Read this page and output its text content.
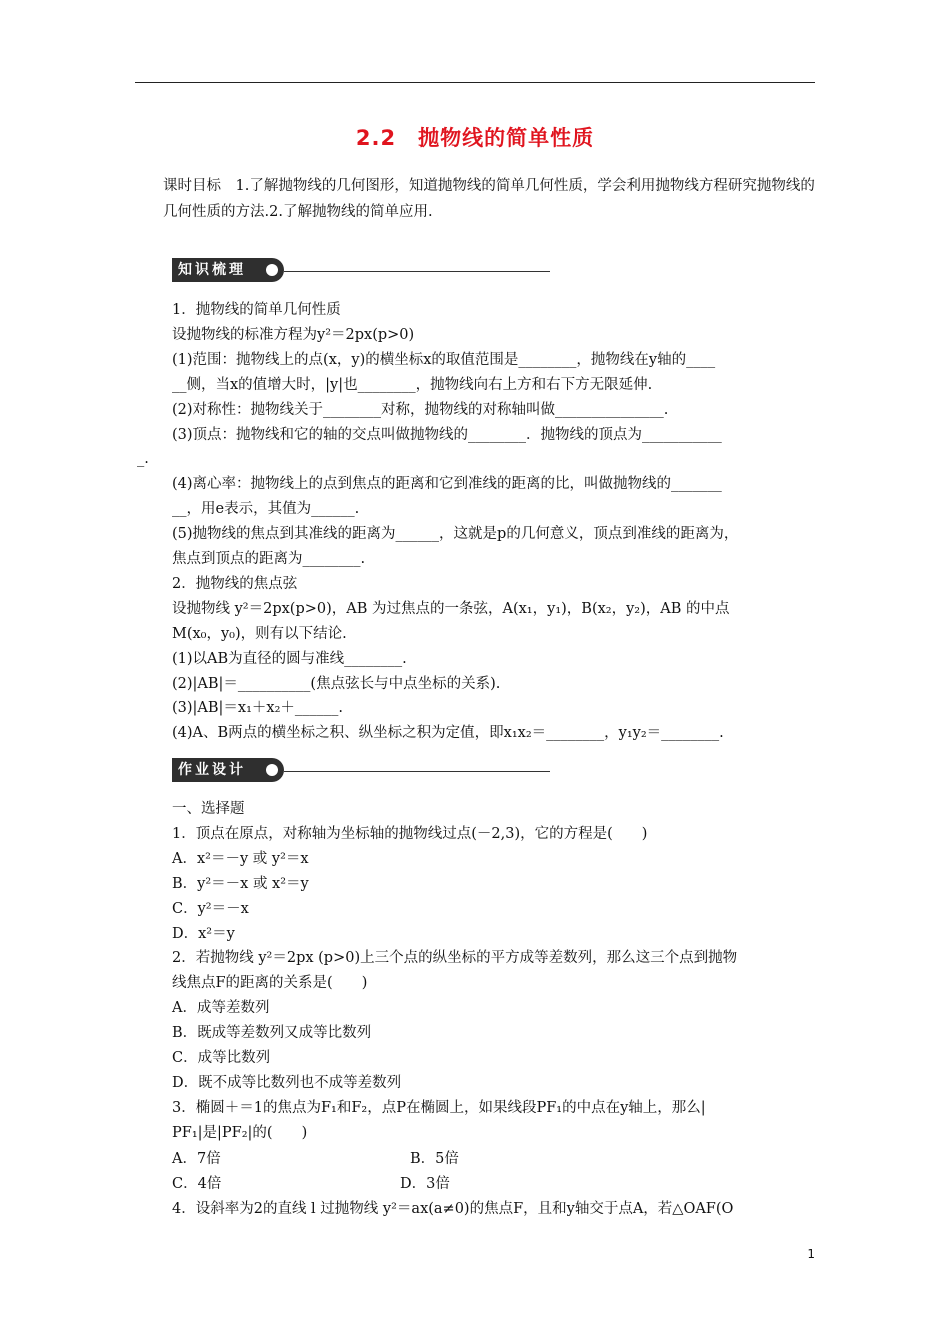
2.2　抛物线的简单性质
课时目标　1.了解抛物线的几何图形，知道抛物线的简单几何性质，学会利用抛物线方程研究抛物线的几何性质的方法.2.了解抛物线的简单应用.
知识梳理
1．抛物线的简单几何性质
设抛物线的标准方程为y²＝2px(p>0)
(1)范围：抛物线上的点(x，y)的横坐标x的取值范围是________，抛物线在y轴的____
__侧，当x的值增大时，|y|也________，抛物线向右上方和右下方无限延伸.
(2)对称性：抛物线关于________对称，抛物线的对称轴叫做_______________.
(3)顶点：抛物线和它的轴的交点叫做抛物线的________．抛物线的顶点为___________
_.
(4)离心率：抛物线上的点到焦点的距离和它到准线的距离的比，叫做抛物线的_______
__，用e表示，其值为______.
(5)抛物线的焦点到其准线的距离为______，这就是p的几何意义，顶点到准线的距离为，
焦点到顶点的距离为________.
2．抛物线的焦点弦
设抛物线 y²＝2px(p>0)，AB 为过焦点的一条弦，A(x₁，y₁)，B(x₂，y₂)，AB 的中点
M(x₀，y₀)，则有以下结论.
(1)以AB为直径的圆与准线________.
(2)|AB|＝__________(焦点弦长与中点坐标的关系).
(3)|AB|＝x₁＋x₂＋______.
(4)A、B两点的横坐标之积、纵坐标之积为定值，即x₁x₂＝________，y₁y₂＝________.
作业设计
一、选择题
1．顶点在原点，对称轴为坐标轴的抛物线过点(－2,3)，它的方程是(　　)
A．x²＝－y 或 y²＝x
B．y²＝－x 或 x²＝y
C．y²＝－x
D．x²＝y
2．若抛物线 y²＝2px (p>0)上三个点的纵坐标的平方成等差数列，那么这三个点到抛物
线焦点F的距离的关系是(　　)
A．成等差数列
B．既成等差数列又成等比数列
C．成等比数列
D．既不成等比数列也不成等差数列
3．椭圆＋＝1的焦点为F₁和F₂，点P在椭圆上，如果线段PF₁的中点在y轴上，那么|
PF₁|是|PF₂|的(　　)
A．7倍	B．5倍
C．4倍	D．3倍
4．设斜率为2的直线 l 过抛物线 y²＝ax(a≠0)的焦点F，且和y轴交于点A，若△OAF(O
1
